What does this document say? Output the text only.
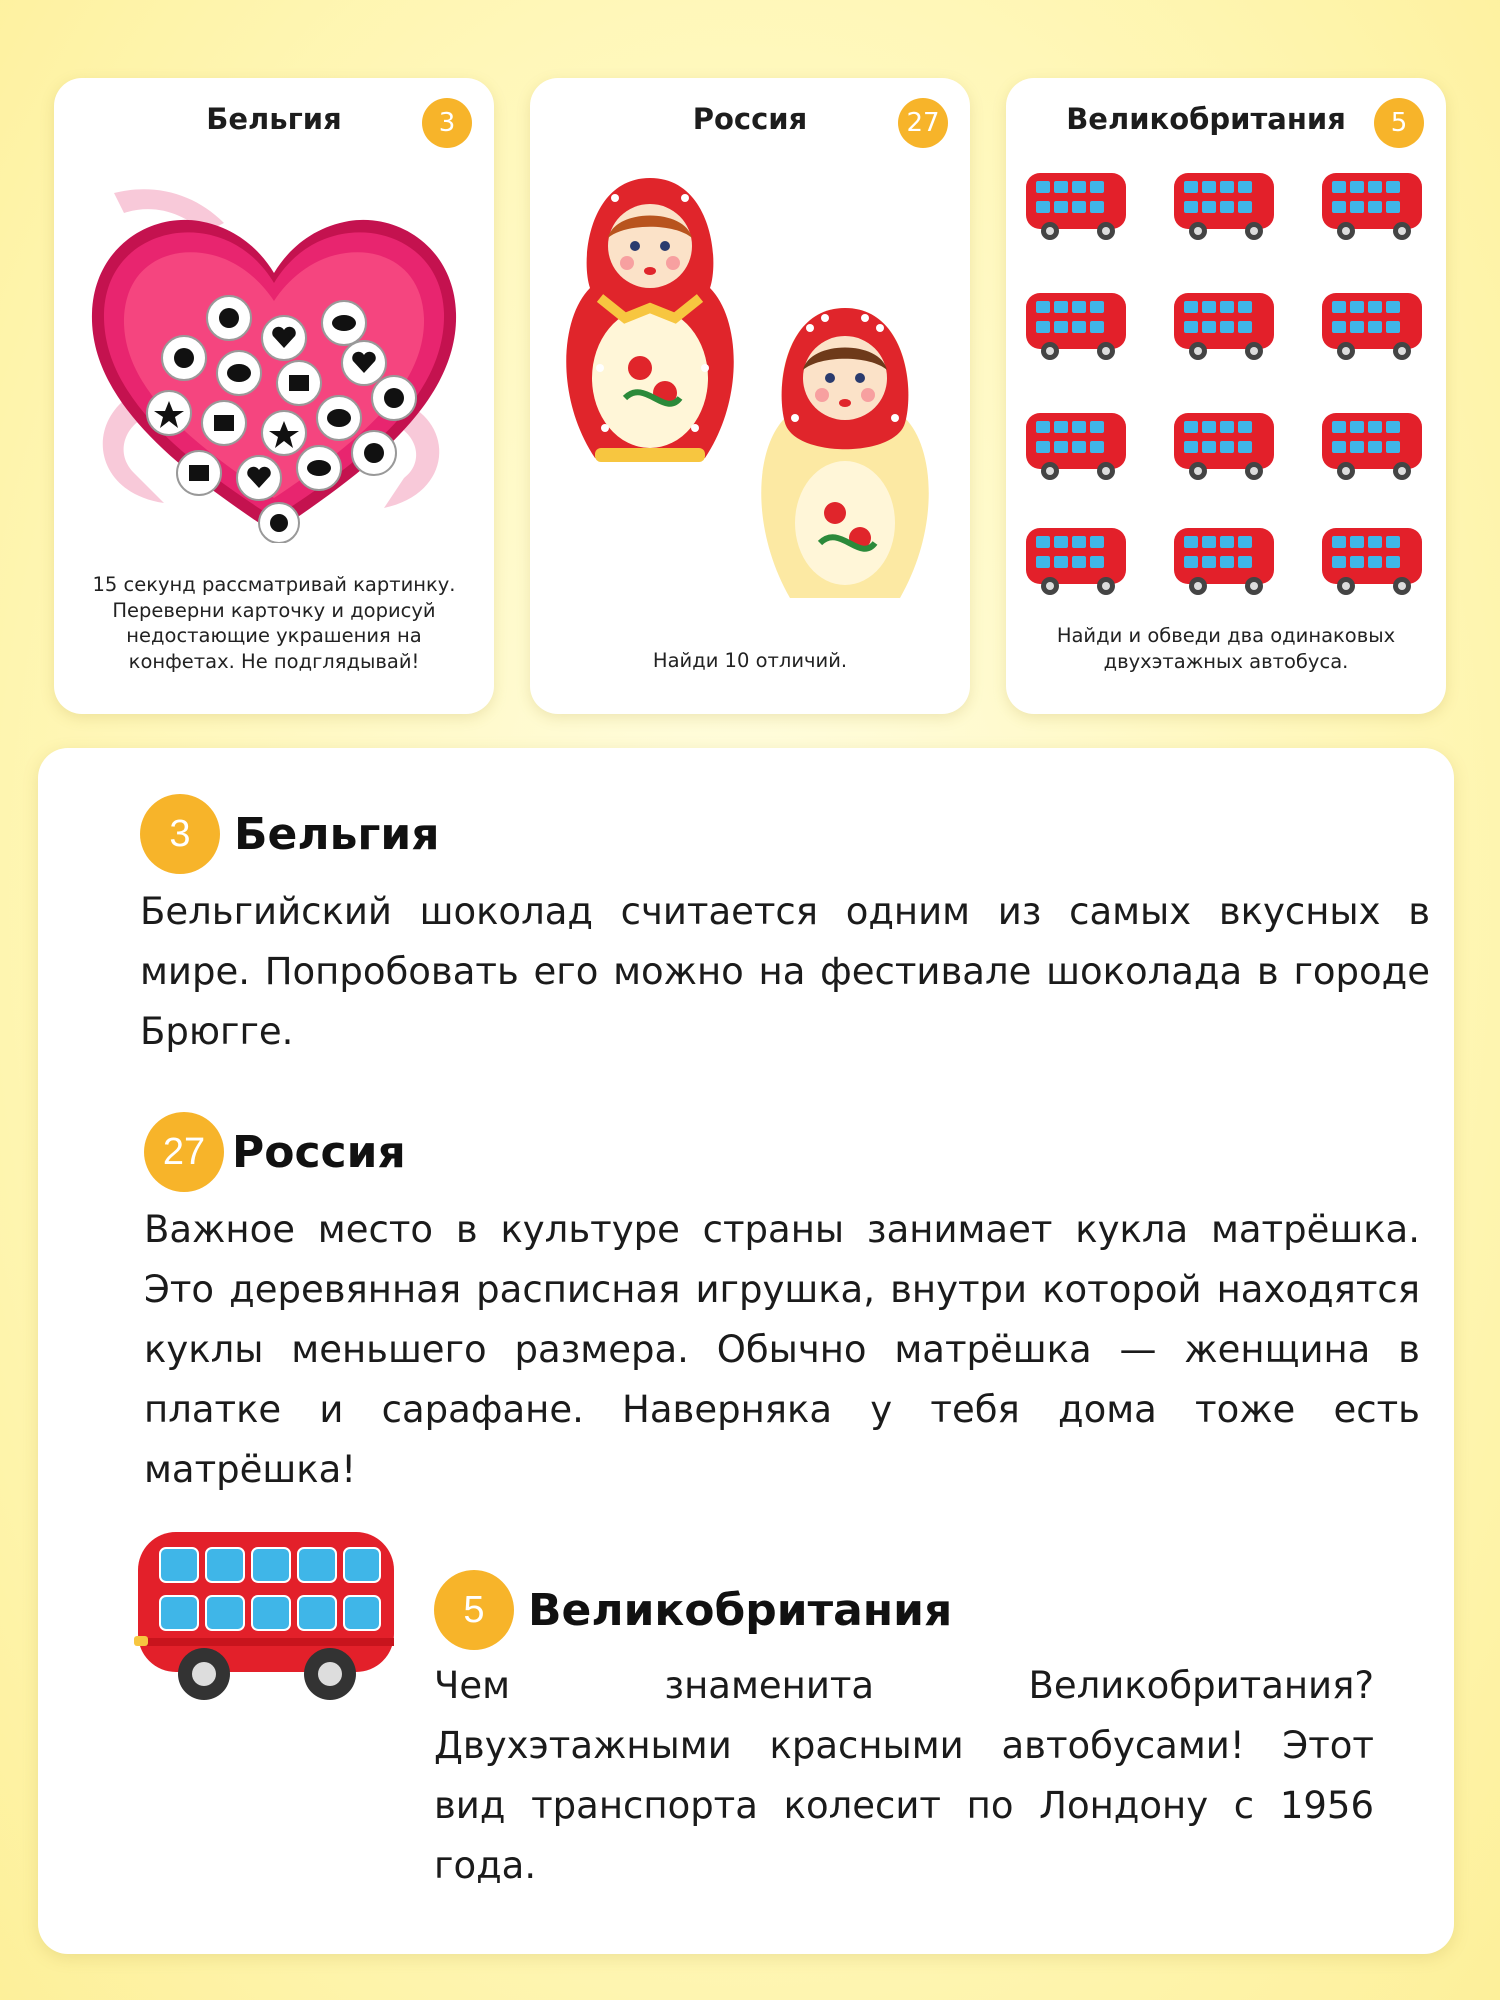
Бельгия	3
15 секунд рассматривай картинку. Переверни карточку и дорисуй недостающие украшения на конфетах. Не подглядывай!
Россия	27
Найди 10 отличий.
Великобритания	5
Найди и обведи два одинаковых двухэтажных автобуса.
3 Бельгия
Бельгийский шоколад считается одним из самых вкусных в мире. Попробовать его можно на фестивале шоколада в городе Брюгге.
27 Россия
Важное место в культуре страны занимает кукла матрёшка. Это деревянная расписная игрушка, внутри которой находятся куклы меньшего размера. Обычно матрёшка — женщина в платке и сарафане. Наверняка у тебя дома тоже есть матрёшка!
5 Великобритания
Чем знаменита Великобритания? Двухэтажными красными автобусами! Этот вид транспорта колесит по Лондону с 1956 года.
